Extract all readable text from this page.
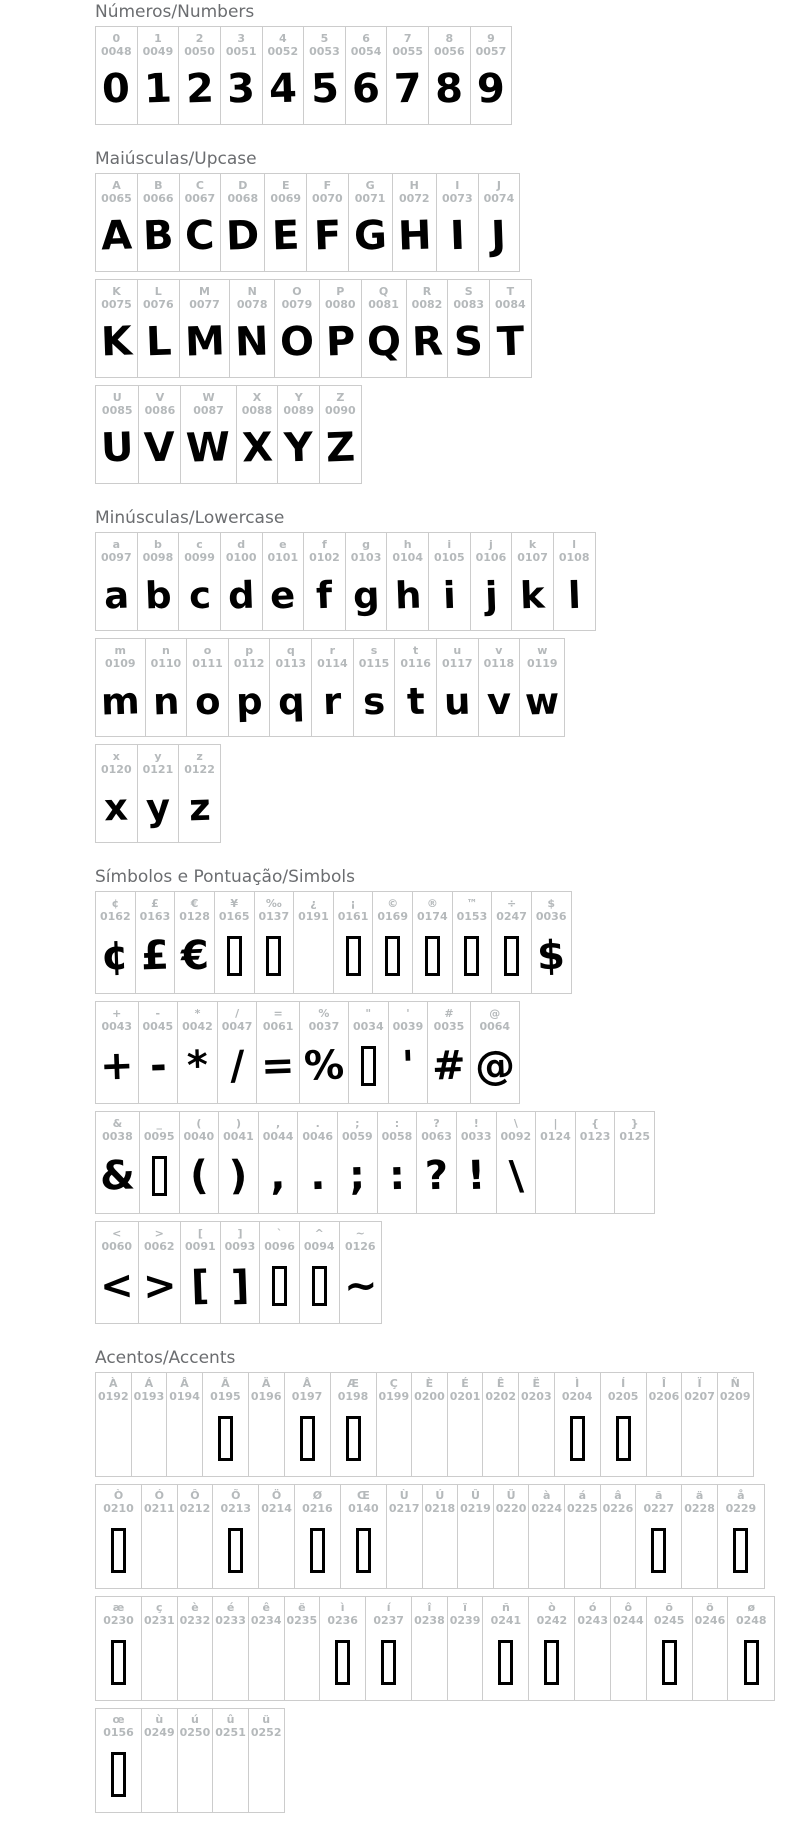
Números/Numbers
0
0048
0
1
0049
1
2
0050
2
3
0051
3
4
0052
4
5
0053
5
6
0054
6
7
0055
7
8
0056
8
9
0057
9
Maiúsculas/Upcase
A
0065
A
B
0066
B
C
0067
C
D
0068
D
E
0069
E
F
0070
F
G
0071
G
H
0072
H
I
0073
I
J
0074
J
K
0075
K
L
0076
L
M
0077
M
N
0078
N
O
0079
O
P
0080
P
Q
0081
Q
R
0082
R
S
0083
S
T
0084
T
U
0085
U
V
0086
V
W
0087
W
X
0088
X
Y
0089
Y
Z
0090
Z
Minúsculas/Lowercase
a
0097
a
b
0098
b
c
0099
c
d
0100
d
e
0101
e
f
0102
f
g
0103
g
h
0104
h
i
0105
i
j
0106
j
k
0107
k
l
0108
l
m
0109
m
n
0110
n
o
0111
o
p
0112
p
q
0113
q
r
0114
r
s
0115
s
t
0116
t
u
0117
u
v
0118
v
w
0119
w
x
0120
x
y
0121
y
z
0122
z
Símbolos e Pontuação/Simbols
¢
0162
¢
£
0163
£
€
0128
€
¥
0165
‰
0137
¿
0191
¡
0161
©
0169
®
0174
™
0153
÷
0247
$
0036
$
+
0043
+
-
0045
-
*
0042
*
/
0047
/
=
0061
=
%
0037
%
"
0034
'
0039
'
#
0035
#
@
0064
@
&
0038
&
_
0095
(
0040
(
)
0041
)
,
0044
,
.
0046
.
;
0059
;
:
0058
:
?
0063
?
!
0033
!
\
0092
\
|
0124
{
0123
}
0125
<
0060
<
>
0062
>
[
0091
[
]
0093
]
`
0096
^
0094
~
0126
~
Acentos/Accents
À
0192
Á
0193
Â
0194
Ã
0195
Ä
0196
Å
0197
Æ
0198
Ç
0199
È
0200
É
0201
Ê
0202
Ë
0203
Ì
0204
Í
0205
Î
0206
Ï
0207
Ñ
0209
Ò
0210
Ó
0211
Ô
0212
Õ
0213
Ö
0214
Ø
0216
Œ
0140
Ù
0217
Ú
0218
Û
0219
Ü
0220
à
0224
á
0225
â
0226
ã
0227
ä
0228
å
0229
æ
0230
ç
0231
è
0232
é
0233
ê
0234
ë
0235
ì
0236
í
0237
î
0238
ï
0239
ñ
0241
ò
0242
ó
0243
ô
0244
õ
0245
ö
0246
ø
0248
œ
0156
ù
0249
ú
0250
û
0251
ü
0252
